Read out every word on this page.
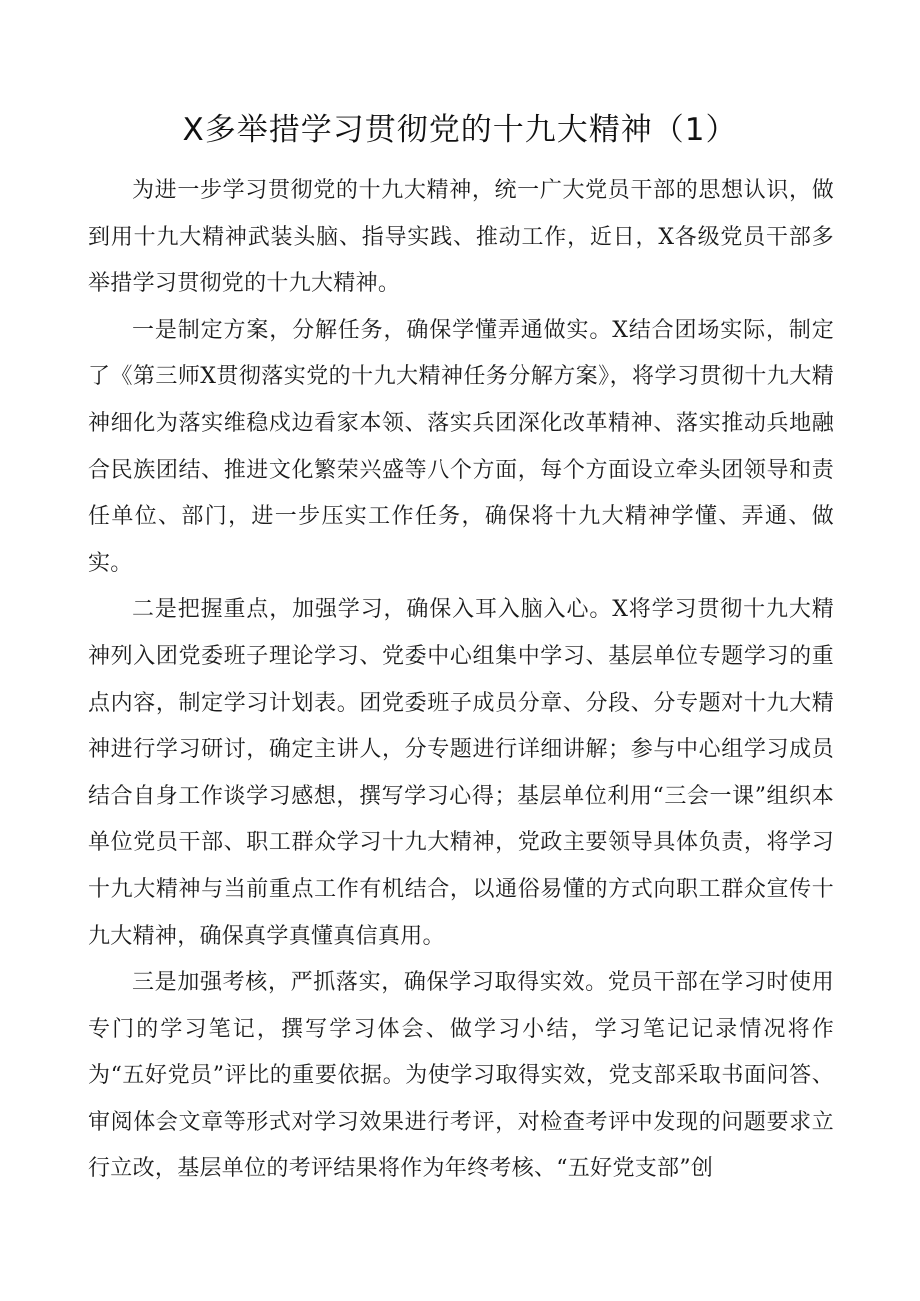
X多举措学习贯彻党的十九大精神（1）

为进一步学习贯彻党的十九大精神，统一广大党员干部的思想认识，做到用十九大精神武装头脑、指导实践、推动工作，近日，X各级党员干部多举措学习贯彻党的十九大精神。

一是制定方案，分解任务，确保学懂弄通做实。X结合团场实际，制定了《第三师X贯彻落实党的十九大精神任务分解方案》，将学习贯彻十九大精神细化为落实维稳戍边看家本领、落实兵团深化改革精神、落实推动兵地融合民族团结、推进文化繁荣兴盛等八个方面，每个方面设立牵头团领导和责任单位、部门，进一步压实工作任务，确保将十九大精神学懂、弄通、做实。

二是把握重点，加强学习，确保入耳入脑入心。X将学习贯彻十九大精神列入团党委班子理论学习、党委中心组集中学习、基层单位专题学习的重点内容，制定学习计划表。团党委班子成员分章、分段、分专题对十九大精神进行学习研讨，确定主讲人，分专题进行详细讲解；参与中心组学习成员结合自身工作谈学习感想，撰写学习心得；基层单位利用“三会一课”组织本单位党员干部、职工群众学习十九大精神，党政主要领导具体负责，将学习十九大精神与当前重点工作有机结合，以通俗易懂的方式向职工群众宣传十九大精神，确保真学真懂真信真用。

三是加强考核，严抓落实，确保学习取得实效。党员干部在学习时使用专门的学习笔记，撰写学习体会、做学习小结，学习笔记记录情况将作为“五好党员”评比的重要依据。为使学习取得实效，党支部采取书面问答、审阅体会文章等形式对学习效果进行考评，对检查考评中发现的问题要求立行立改，基层单位的考评结果将作为年终考核、“五好党支部”创
